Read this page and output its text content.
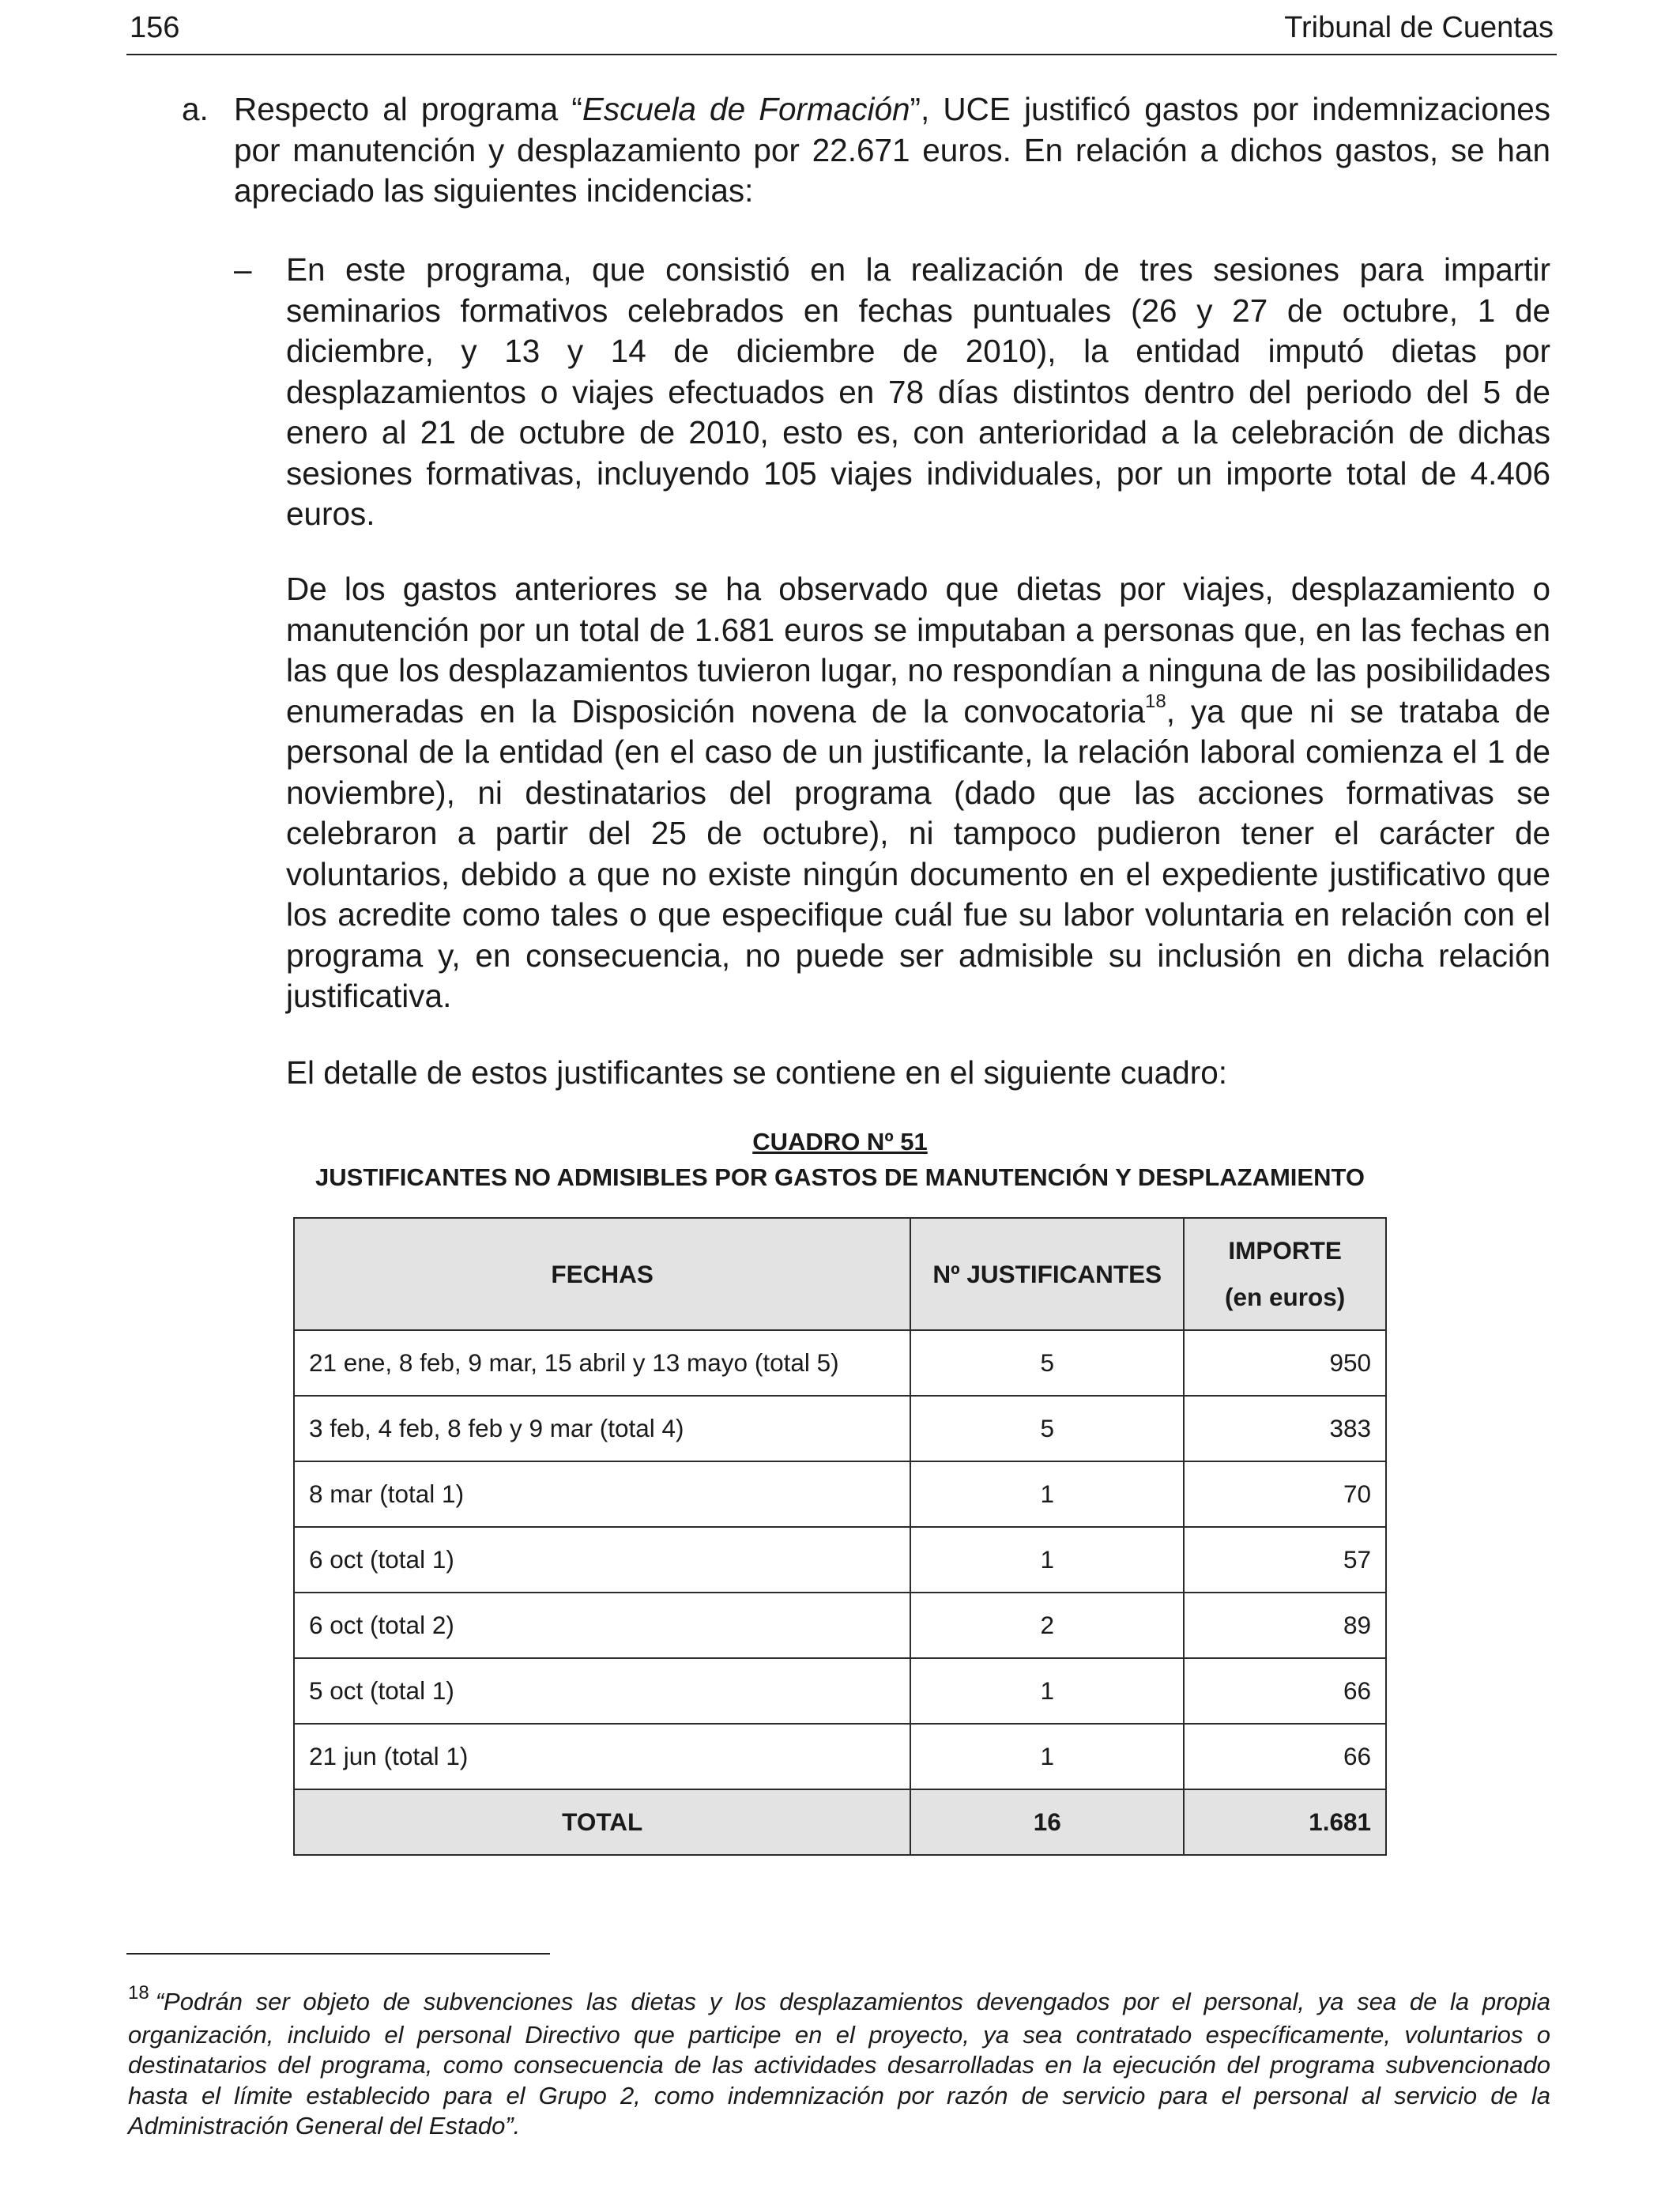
156	Tribunal de Cuentas
a. Respecto al programa “Escuela de Formación”, UCE justificó gastos por indemnizaciones por manutención y desplazamiento por 22.671 euros. En relación a dichos gastos, se han apreciado las siguientes incidencias:
– En este programa, que consistió en la realización de tres sesiones para impartir seminarios formativos celebrados en fechas puntuales (26 y 27 de octubre, 1 de diciembre, y 13 y 14 de diciembre de 2010), la entidad imputó dietas por desplazamientos o viajes efectuados en 78 días distintos dentro del periodo del 5 de enero al 21 de octubre de 2010, esto es, con anterioridad a la celebración de dichas sesiones formativas, incluyendo 105 viajes individuales, por un importe total de 4.406 euros.
De los gastos anteriores se ha observado que dietas por viajes, desplazamiento o manutención por un total de 1.681 euros se imputaban a personas que, en las fechas en las que los desplazamientos tuvieron lugar, no respondían a ninguna de las posibilidades enumeradas en la Disposición novena de la convocatoria$^{18}$, ya que ni se trataba de personal de la entidad (en el caso de un justificante, la relación laboral comienza el 1 de noviembre), ni destinatarios del programa (dado que las acciones formativas se celebraron a partir del 25 de octubre), ni tampoco pudieron tener el carácter de voluntarios, debido a que no existe ningún documento en el expediente justificativo que los acredite como tales o que especifique cuál fue su labor voluntaria en relación con el programa y, en consecuencia, no puede ser admisible su inclusión en dicha relación justificativa.
El detalle de estos justificantes se contiene en el siguiente cuadro:
CUADRO Nº 51
JUSTIFICANTES NO ADMISIBLES POR GASTOS DE MANUTENCIÓN Y DESPLAZAMIENTO
FECHAS	Nº JUSTIFICANTES	IMPORTE
(en euros)
21 ene, 8 feb, 9 mar, 15 abril y 13 mayo (total 5)	5	950
3 feb, 4 feb, 8 feb y 9 mar (total 4)	5	383
8 mar (total 1)	1	70
6 oct (total 1)	1	57
6 oct (total 2)	2	89
5 oct (total 1)	1	66
21 jun (total 1)	1	66
TOTAL	16	1.681
$^{18}$ “Podrán ser objeto de subvenciones las dietas y los desplazamientos devengados por el personal, ya sea de la propia organización, incluido el personal Directivo que participe en el proyecto, ya sea contratado específicamente, voluntarios o destinatarios del programa, como consecuencia de las actividades desarrolladas en la ejecución del programa subvencionado hasta el límite establecido para el Grupo 2, como indemnización por razón de servicio para el personal al servicio de la Administración General del Estado”.
